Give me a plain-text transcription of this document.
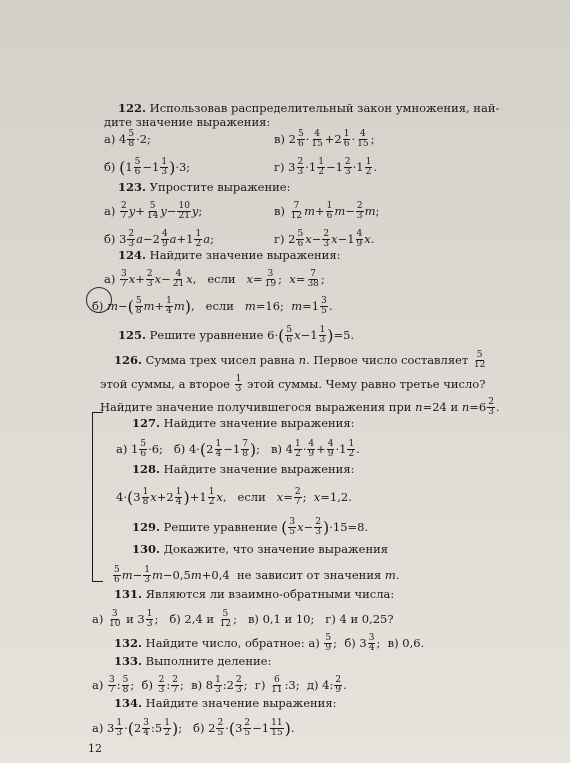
122. Использовав распределительный закон умножения, най-
дите значение выражения:
а) $4 \frac{5}{8} \cdot 2$;	в) $2 \frac{5}{6} \cdot \frac{4}{15} +2 \frac{1}{6} \cdot \frac{4}{15}$ ;
б) $(1 \frac{5}{6} -1 \frac{1}{3} )\cdot 3$;	г) $3 \frac{2}{3} \cdot 1 \frac{1}{2} -1 \frac{2}{3} \cdot 1 \frac{1}{2}$ .
123. Упростите выражение:
$а) \frac{2}{7} y+ \frac{5}{14} y- \frac{10}{21} y$;	$в) \frac{7}{12} m+ \frac{1}{6} m- \frac{2}{3} m$;
б) $3 \frac{2}{3} a-2 \frac{4}{9} a+1 \frac{1}{2} a$;	г) $2 \frac{5}{6} x- \frac{2}{3} x-1 \frac{4}{9} x$.
124. Найдите значение выражения:
$а) \frac{3}{7} x+ \frac{2}{3} x- \frac{4}{21} x$,   если $x= \frac{3}{19}$ ;  $x= \frac{7}{38}$ ;
б) $m-( \frac{5}{8} m+ \frac{1}{4} m)$,   если m=16;  $m=1 \frac{3}{5}$ .
125. Решите уравнение $6\cdot( \frac{5}{6} x-1 \frac{1}{3} )=5$.
126. Сумма трех чисел равна n. Первое число составляет $\frac{5}{12}$
этой суммы, а второе $\frac{1}{3}$ этой суммы. Чему равно третье число?
Найдите значение получившегося выражения при n=24 и $n=6 \frac{2}{3}$ .
127. Найдите значение выражения:
а) $1 \frac{5}{6} \cdot 6$;   б) $4\cdot(2 \frac{1}{4} -1 \frac{7}{8}$ );   в) $4 \frac{1}{2} \cdot \frac{4}{9} + \frac{4}{9} \cdot 1 \frac{1}{2}$ .
128. Найдите значение выражения:
$4\cdot(3 \frac{1}{8} x+2 \frac{1}{4} )+1 \frac{1}{2} x$,   если $x= \frac{2}{7}$ ;  x=1,2.
129. Решите уравнение ( $\frac{3}{5} x- \frac{2}{3} )\cdot 15=8$.
130. Докажите, что значение выражения
$\frac{5}{6} m- \frac{1}{3} m-0,5m+0,4$  не зависит от значения m.
131. Являются ли взаимно-обратными числа:
$а) \frac{3}{10}$ и $3 \frac{1}{3}$ ;   б) 2,4 и $\frac{5}{12}$ ;   в) 0,1 и 10;   г) 4 и 0,25?
132. Найдите число, обратное: $а) \frac{5}{9}$ ;  б) $3 \frac{3}{4}$ ;  в) 0,6.
133. Выполните деление:
$а) \frac{3}{7}$ : $\frac{5}{8}$ ;  $б) \frac{2}{3}$ : $\frac{2}{7}$ ;  в) $8 \frac{1}{3}$ :2 $\frac{2}{3}$ ;  $г) \frac{6}{11}$ :3;  д) 4: $\frac{2}{9}$ .
134. Найдите значение выражения:
а) $3 \frac{1}{3} \cdot(2 \frac{3}{4}$ :5 $\frac{1}{2}$ );   б) $2 \frac{2}{5} \cdot(3 \frac{2}{5} -1 \frac{11}{15}$ ).
12
